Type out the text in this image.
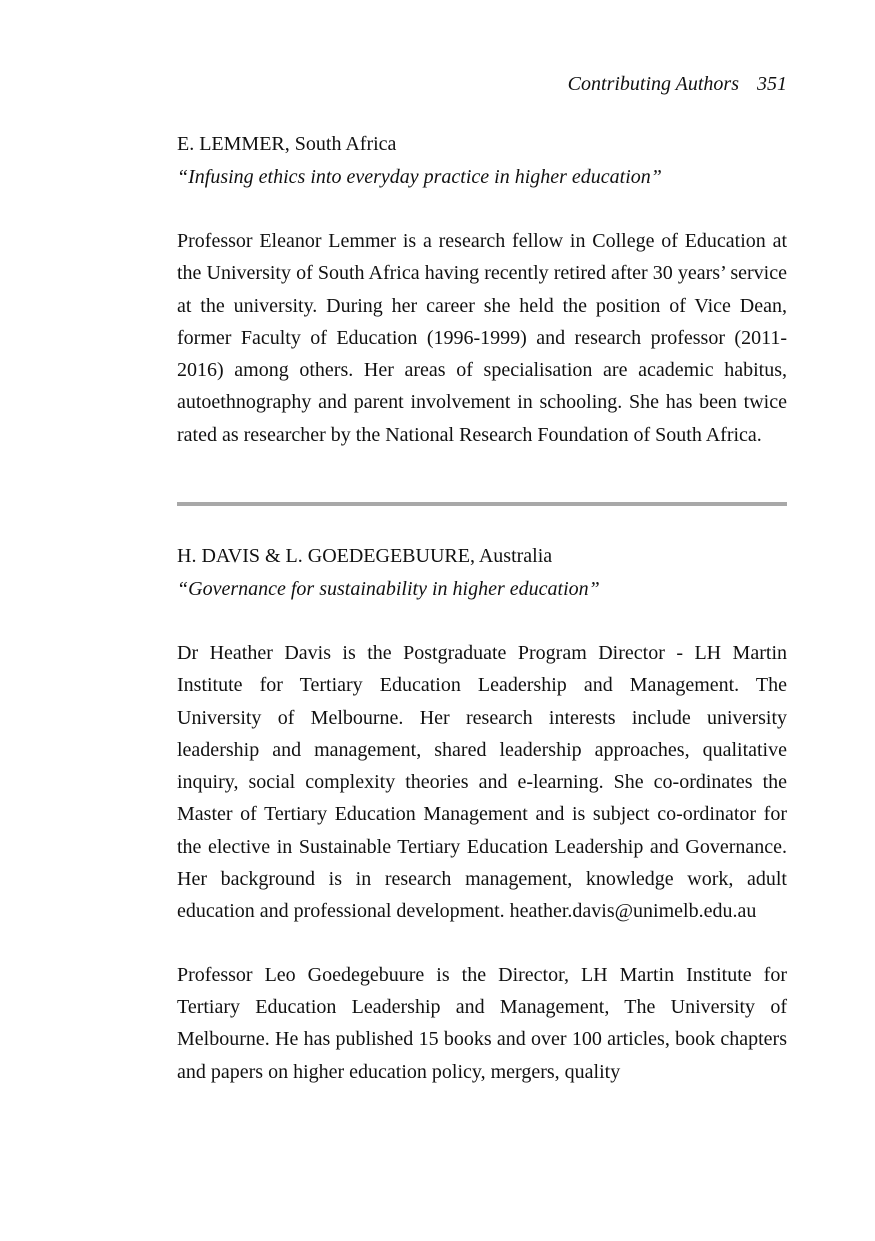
Contributing Authors 351

E. LEMMER, South Africa

“Infusing ethics into everyday practice in higher education”

Professor Eleanor Lemmer is a research fellow in College of Education at the University of South Africa having recently retired after 30 years’ service at the university. During her career she held the position of Vice Dean, former Faculty of Education (1996-1999) and research professor (2011-2016) among others. Her areas of specialisation are academic habitus, autoethnography and parent involvement in schooling. She has been twice rated as researcher by the National Research Foundation of South Africa.

H. DAVIS & L. GOEDEGEBUURE, Australia

“Governance for sustainability in higher education”

Dr Heather Davis is the Postgraduate Program Director - LH Martin Institute for Tertiary Education Leadership and Management. The University of Melbourne. Her research interests include university leadership and management, shared leadership approaches, qualitative inquiry, social complexity theories and e-learning. She co-ordinates the Master of Tertiary Education Management and is subject co-ordinator for the elective in Sustainable Tertiary Education Leadership and Governance. Her background is in research management, knowledge work, adult education and professional development. heather.davis@unimelb.edu.au

Professor Leo Goedegebuure is the Director, LH Martin Institute for Tertiary Education Leadership and Management, The University of Melbourne. He has published 15 books and over 100 articles, book chapters and papers on higher education policy, mergers, quality
